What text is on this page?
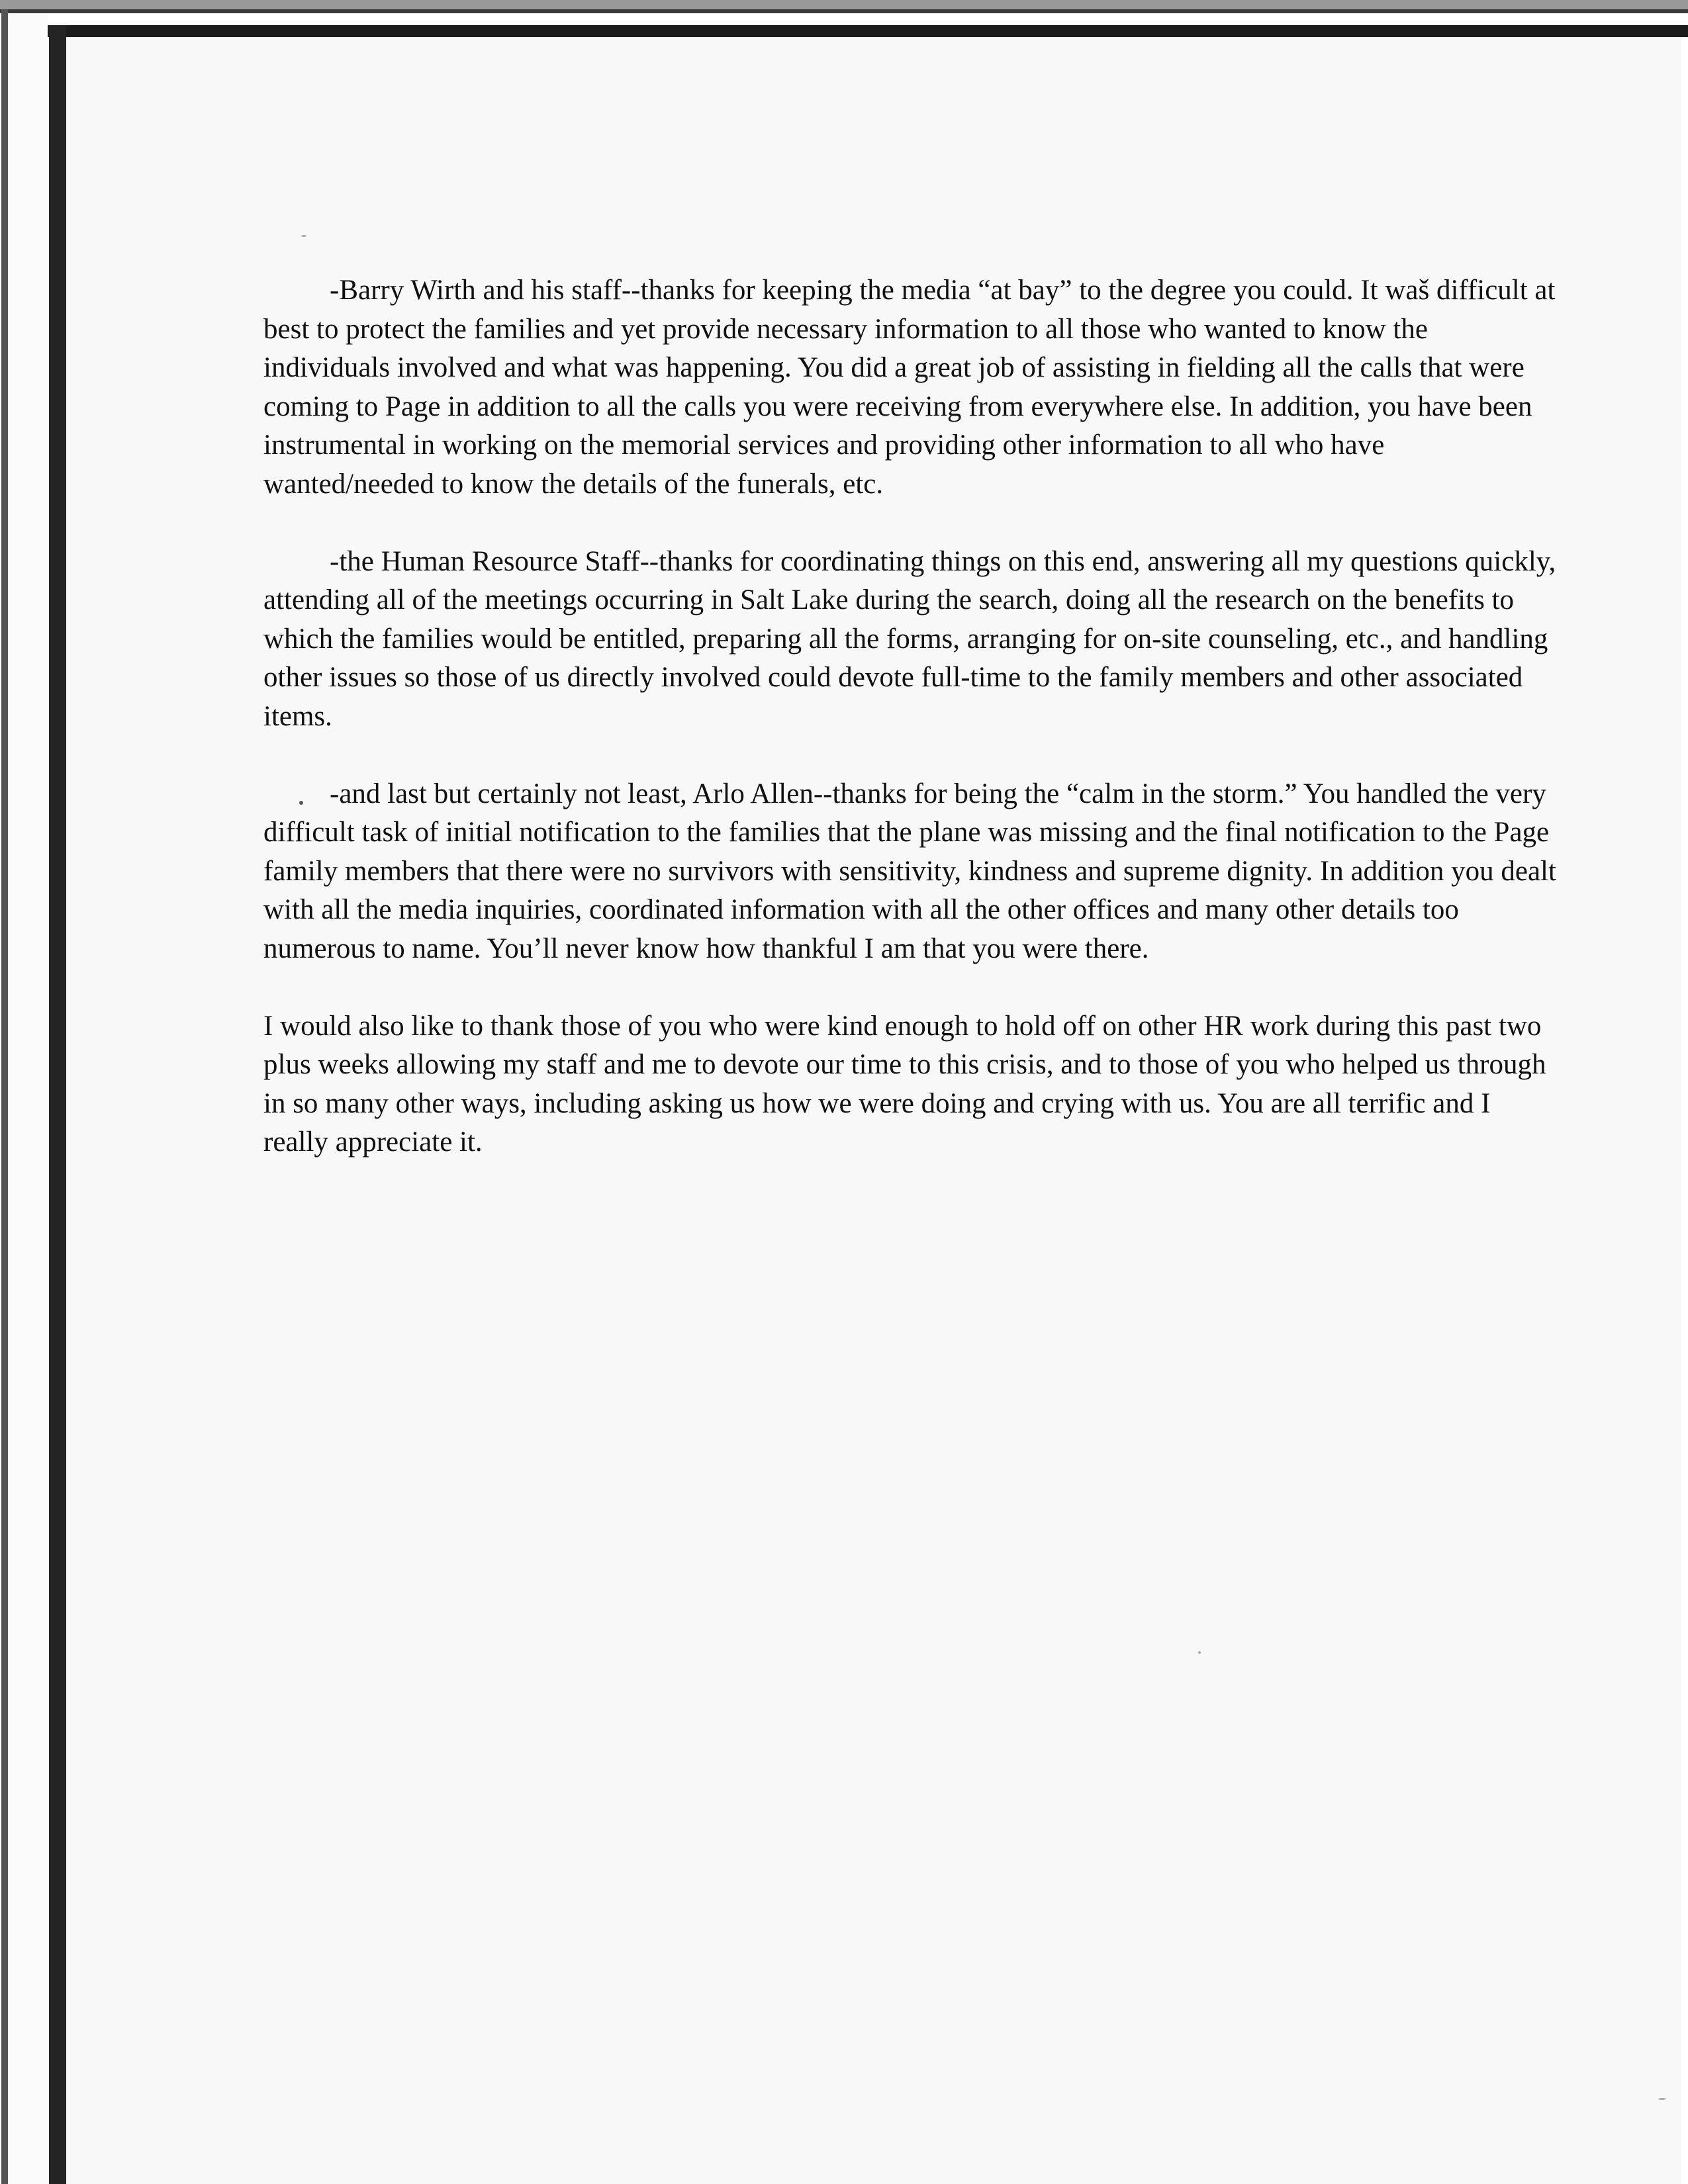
-Barry Wirth and his staff--thanks for keeping the media “at bay” to the degree you could. It waš difficult at best to protect the families and yet provide necessary information to all those who wanted to know the individuals involved and what was happening. You did a great job of assisting in fielding all the calls that were coming to Page in addition to all the calls you were receiving from everywhere else. In addition, you have been instrumental in working on the memorial services and providing other information to all who have wanted/needed to know the details of the funerals, etc.

-the Human Resource Staff--thanks for coordinating things on this end, answering all my questions quickly, attending all of the meetings occurring in Salt Lake during the search, doing all the research on the benefits to which the families would be entitled, preparing all the forms, arranging for on-site counseling, etc., and handling other issues so those of us directly involved could devote full-time to the family members and other associated items.

-and last but certainly not least, Arlo Allen--thanks for being the “calm in the storm.” You handled the very difficult task of initial notification to the families that the plane was missing and the final notification to the Page family members that there were no survivors with sensitivity, kindness and supreme dignity. In addition you dealt with all the media inquiries, coordinated information with all the other offices and many other details too numerous to name. You’ll never know how thankful I am that you were there.

I would also like to thank those of you who were kind enough to hold off on other HR work during this past two plus weeks allowing my staff and me to devote our time to this crisis, and to those of you who helped us through in so many other ways, including asking us how we were doing and crying with us. You are all terrific and I really appreciate it.
